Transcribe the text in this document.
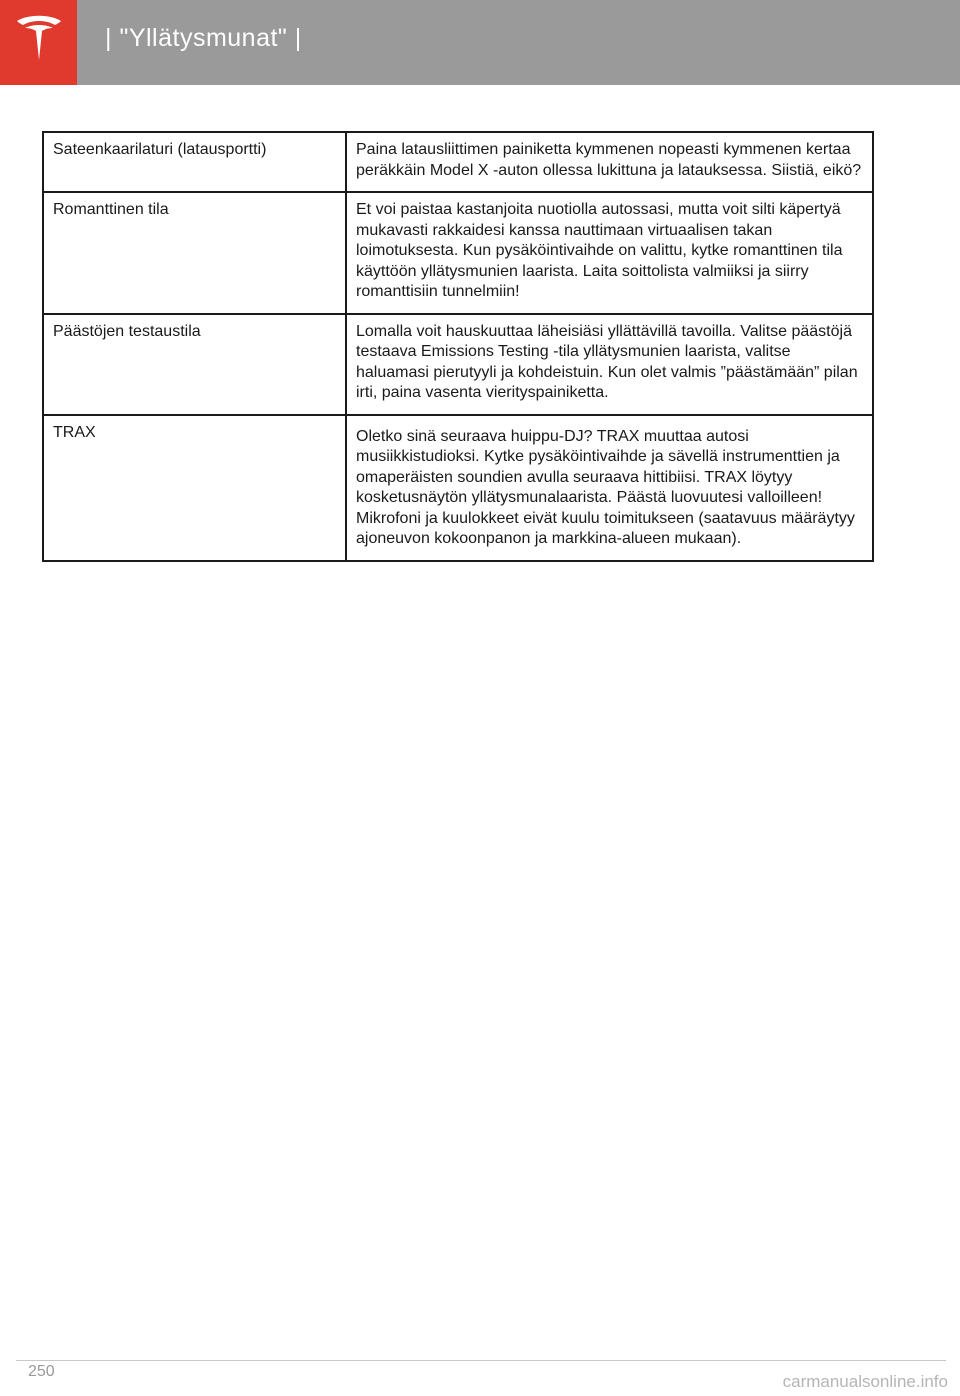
| "Yllätysmunat" |
Sateenkaarilaturi (latausportti)	Paina latausliittimen painiketta kymmenen nopeasti kymmenen kertaa peräkkäin Model X -auton ollessa lukittuna ja latauksessa. Siistiä, eikö?
Romanttinen tila	Et voi paistaa kastanjoita nuotiolla autossasi, mutta voit silti käpertyä mukavasti rakkaidesi kanssa nauttimaan virtuaalisen takan loimotuksesta. Kun pysäköintivaihde on valittu, kytke romanttinen tila käyttöön yllätysmunien laarista. Laita soittolista valmiiksi ja siirry romanttisiin tunnelmiin!
Päästöjen testaustila	Lomalla voit hauskuuttaa läheisiäsi yllättävillä tavoilla. Valitse päästöjä testaava Emissions Testing -tila yllätysmunien laarista, valitse haluamasi pierutyyli ja kohdeistuin. Kun olet valmis ”päästämään” pilan irti, paina vasenta vierityspainiketta.
TRAX	Oletko sinä seuraava huippu-DJ? TRAX muuttaa autosi musiikkistudioksi. Kytke pysäköintivaihde ja sävellä instrumenttien ja omaperäisten soundien avulla seuraava hittibiisi. TRAX löytyy kosketusnäytön yllätysmunalaarista. Päästä luovuutesi valloilleen! Mikrofoni ja kuulokkeet eivät kuulu toimitukseen (saatavuus määräytyy ajoneuvon kokoonpanon ja markkina-alueen mukaan).
250
carmanualsonline.info
